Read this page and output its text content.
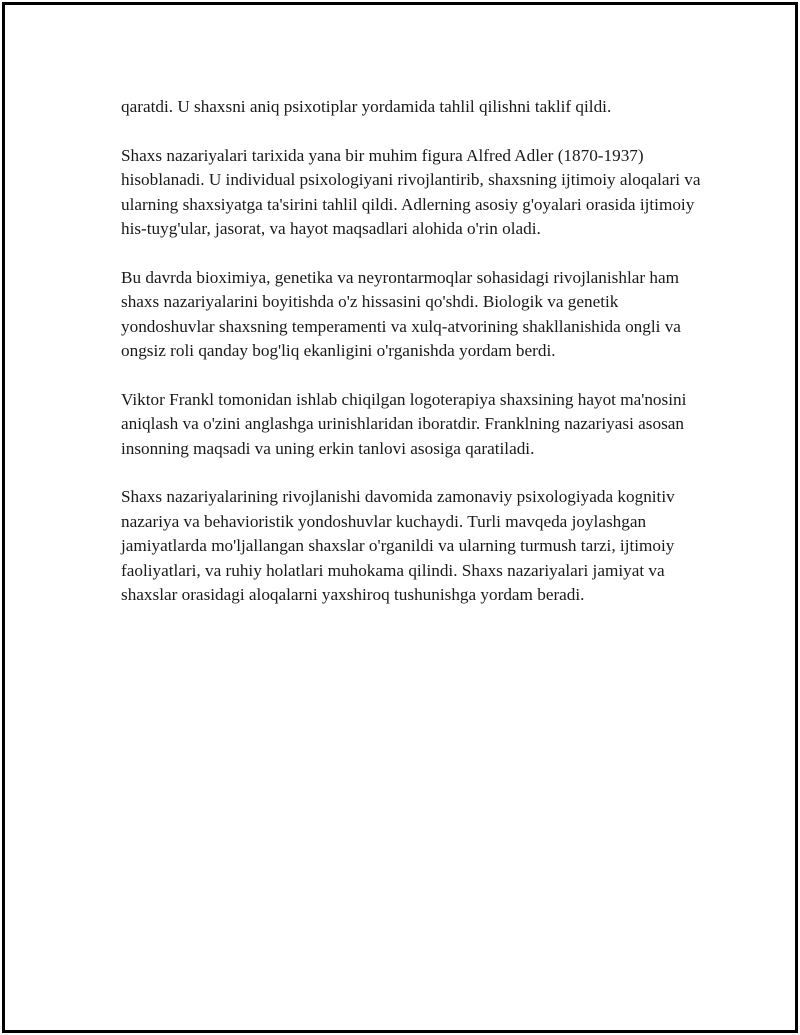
qaratdi. U shaxsni aniq psixotiplar yordamida tahlil qilishni taklif qildi.

Shaxs nazariyalari tarixida yana bir muhim figura Alfred Adler (1870-1937) hisoblanadi. U individual psixologiyani rivojlantirib, shaxsning ijtimoiy aloqalari va ularning shaxsiyatga ta'sirini tahlil qildi. Adlerning asosiy g'oyalari orasida ijtimoiy his-tuyg'ular, jasorat, va hayot maqsadlari alohida o'rin oladi.

Bu davrda bioximiya, genetika va neyrontarmoqlar sohasidagi rivojlanishlar ham shaxs nazariyalarini boyitishda o'z hissasini qo'shdi. Biologik va genetik yondoshuvlar shaxsning temperamenti va xulq-atvorining shakllanishida ongli va ongsiz roli qanday bog'liq ekanligini o'rganishda yordam berdi.

Viktor Frankl tomonidan ishlab chiqilgan logoterapiya shaxsining hayot ma'nosini aniqlash va o'zini anglashga urinishlaridan iboratdir. Franklning nazariyasi asosan insonning maqsadi va uning erkin tanlovi asosiga qaratiladi.

Shaxs nazariyalarining rivojlanishi davomida zamonaviy psixologiyada kognitiv nazariya va behavioristik yondoshuvlar kuchaydi. Turli mavqeda joylashgan jamiyatlarda mo'ljallangan shaxslar o'rganildi va ularning turmush tarzi, ijtimoiy faoliyatlari, va ruhiy holatlari muhokama qilindi. Shaxs nazariyalari jamiyat va shaxslar orasidagi aloqalarni yaxshiroq tushunishga yordam beradi.
